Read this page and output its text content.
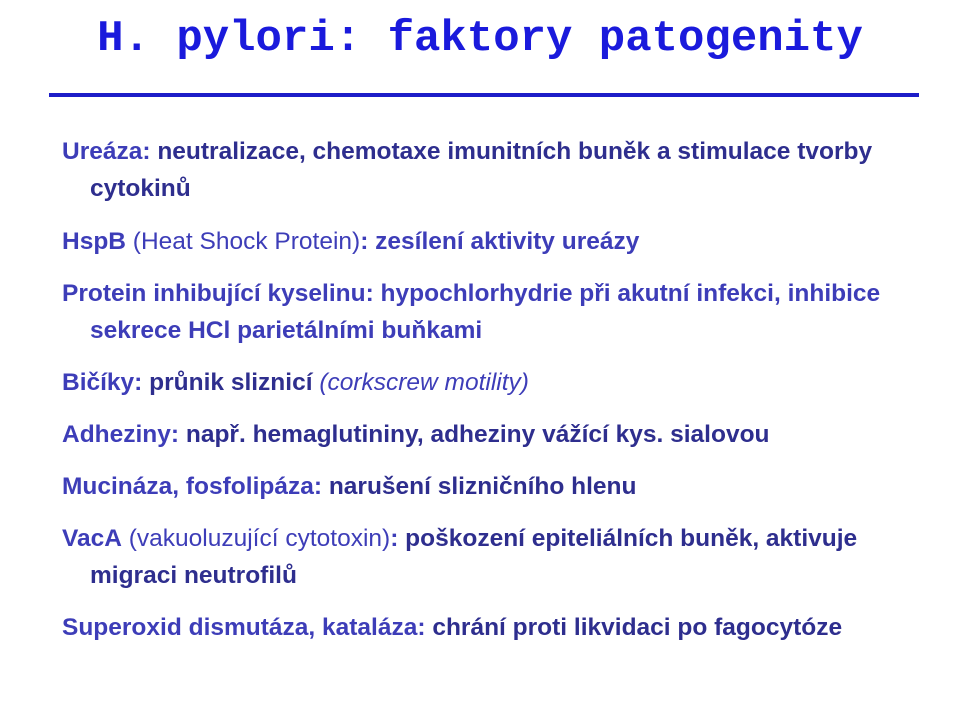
H. pylori: faktory patogenity
Ureáza: neutralizace, chemotaxe imunitních buněk a stimulace tvorby cytokinů
HspB (Heat Shock Protein): zesílení aktivity ureázy
Protein inhibující kyselinu: hypochlorhydrie při akutní infekci, inhibice sekrece HCl parietálními buňkami
Bičíky: průnik sliznicí (corkscrew motility)
Adheziny: např. hemaglutininy, adheziny vážící kys. sialovou
Mucináza, fosfolipáza: narušení slizničního hlenu
VacA (vakuoluzující cytotoxin): poškození epiteliálních buněk, aktivuje migraci neutrofilů
Superoxid dismutáza, kataláza: chrání proti likvidaci po fagocytóze
